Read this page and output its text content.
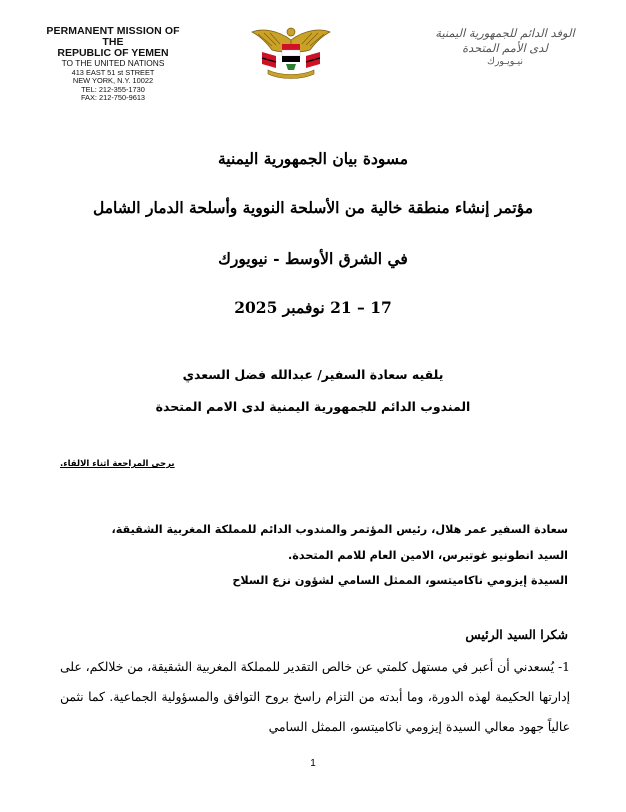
PERMANENT MISSION OF THE
REPUBLIC OF YEMEN
TO THE UNITED NATIONS
413 EAST 51 st STREET
NEW YORK, N.Y. 10022
TEL: 212-355-1730
FAX: 212-750-9613
الوفد الدائم للجمهورية اليمنية
لدى الأمم المتحدة
نيـويـورك
مسودة بيان الجمهورية اليمنية
مؤتمر إنشاء منطقة خالية من الأسلحة النووية وأسلحة الدمار الشامل
في الشرق الأوسط - نيويورك
17 – 21 نوفمبر 2025
يلقيه سعادة السفير/ عبدالله فضل السعدي
المندوب الدائم للجمهورية اليمنية لدى الامم المتحدة
يرجى المراجعة اثناء الالقاء.
سعادة السفير عمر هلال، رئيس المؤتمر والمندوب الدائم للمملكة المغربية الشقيقة،
السيد انطونيو غوتيرس، الامين العام للامم المتحدة.
السيدة إيزومي ناكاميتسو، الممثل السامي لشؤون نزع السلاح
شكرا السيد الرئيس
1- يُسعدني أن أعبر في مستهل كلمتي عن خالص التقدير للمملكة المغربية الشقيقة، من خلالكم، على إدارتها الحكيمة لهذه الدورة، وما أبدته من التزام راسخ بروح التوافق والمسؤولية الجماعية. كما نثمن عالياً جهود معالي السيدة إيزومي ناكاميتسو، الممثل السامي
1
